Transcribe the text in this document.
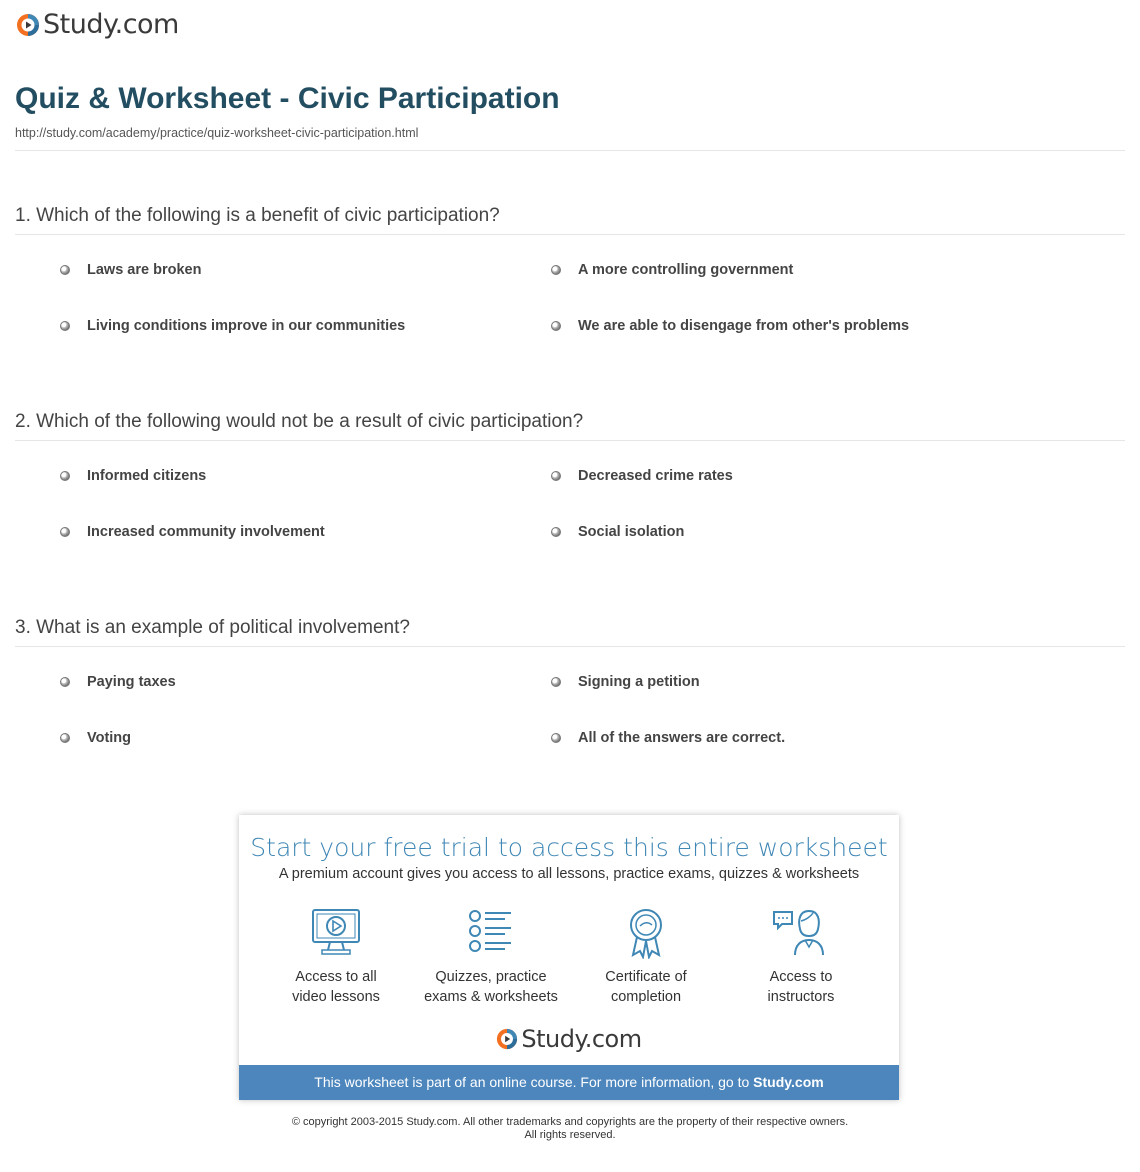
Study.com
Quiz & Worksheet - Civic Participation
http://study.com/academy/practice/quiz-worksheet-civic-participation.html
1. Which of the following is a benefit of civic participation?
Laws are broken	A more controlling government
Living conditions improve in our communities	We are able to disengage from other's problems
2. Which of the following would not be a result of civic participation?
Informed citizens	Decreased crime rates
Increased community involvement	Social isolation
3. What is an example of political involvement?
Paying taxes	Signing a petition
Voting	All of the answers are correct.
Start your free trial to access this entire worksheet
A premium account gives you access to all lessons, practice exams, quizzes & worksheets
Access to all
video lessons
Quizzes, practice
exams & worksheets
Certificate of
completion
Access to
instructors
Study.com
This worksheet is part of an online course. For more information, go to Study.com
© copyright 2003-2015 Study.com. All other trademarks and copyrights are the property of their respective owners.
All rights reserved.
